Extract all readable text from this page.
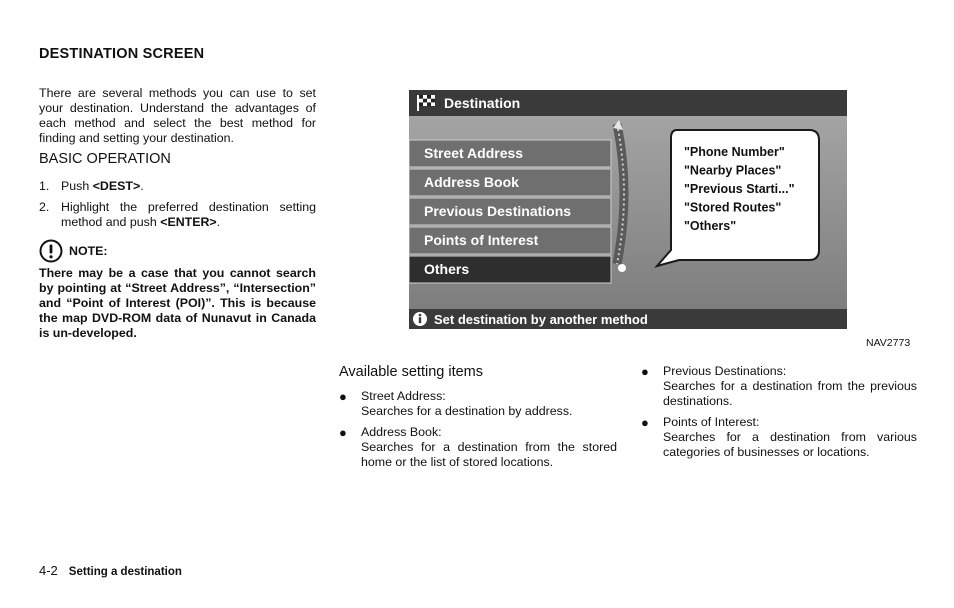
DESTINATION SCREEN
There are several methods you can use to set your destination. Understand the advantages of each method and select the best method for finding and setting your destination.
BASIC OPERATION
1. Push <DEST>.
2. Highlight the preferred destination setting method and push <ENTER>.
NOTE:
There may be a case that you cannot search by pointing at “Street Address”, “Intersection” and “Point of Interest (POI)”. This is because the map DVD-ROM data of Nunavut in Canada is un-developed.
Destination
Street Address
Address Book
Previous Destinations
Points of Interest
Others
"Phone Number"
"Nearby Places"
"Previous Starti..."
"Stored Routes"
"Others"
Set destination by another method
NAV2773
Available setting items
●	Street Address:
Searches for a destination by address.
●	Address Book:
Searches for a destination from the stored home or the list of stored locations.
●	Previous Destinations:
Searches for a destination from the previous destinations.
●	Points of Interest:
Searches for a destination from various categories of businesses or locations.
4-2 Setting a destination
